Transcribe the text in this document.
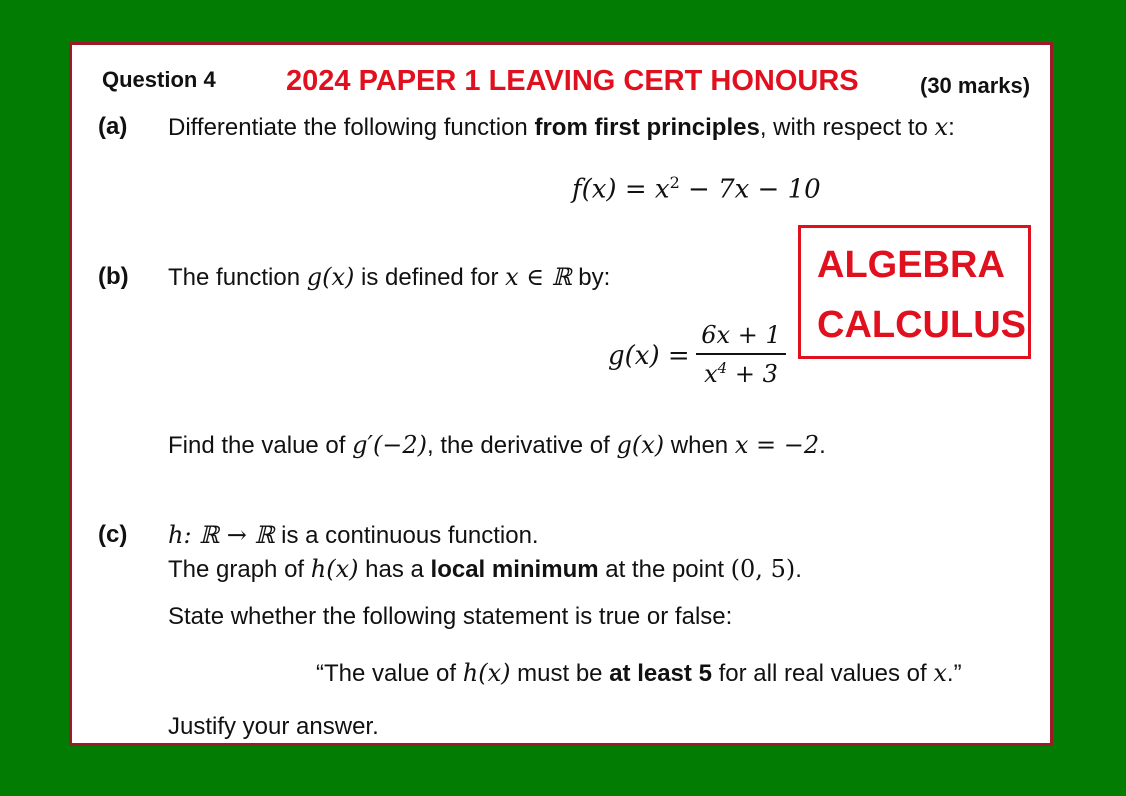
Question 4 2024 PAPER 1 LEAVING CERT HONOURS	(30 marks)
(a) Differentiate the following function from first principles, with respect to x:
$f(x) = x^2 - 7x - 10$
(b) The function g(x) is defined for x ∈ ℝ by:
g(x) =
6x + 1
$x^4 + 3$
Find the value of g′(−2), the derivative of g(x) when x = −2.
ALGEBRA
CALCULUS
(c) h: ℝ → ℝ is a continuous function.
The graph of h(x) has a local minimum at the point (0, 5).
State whether the following statement is true or false:
“The value of h(x) must be at least 5 for all real values of x.”
Justify your answer.
